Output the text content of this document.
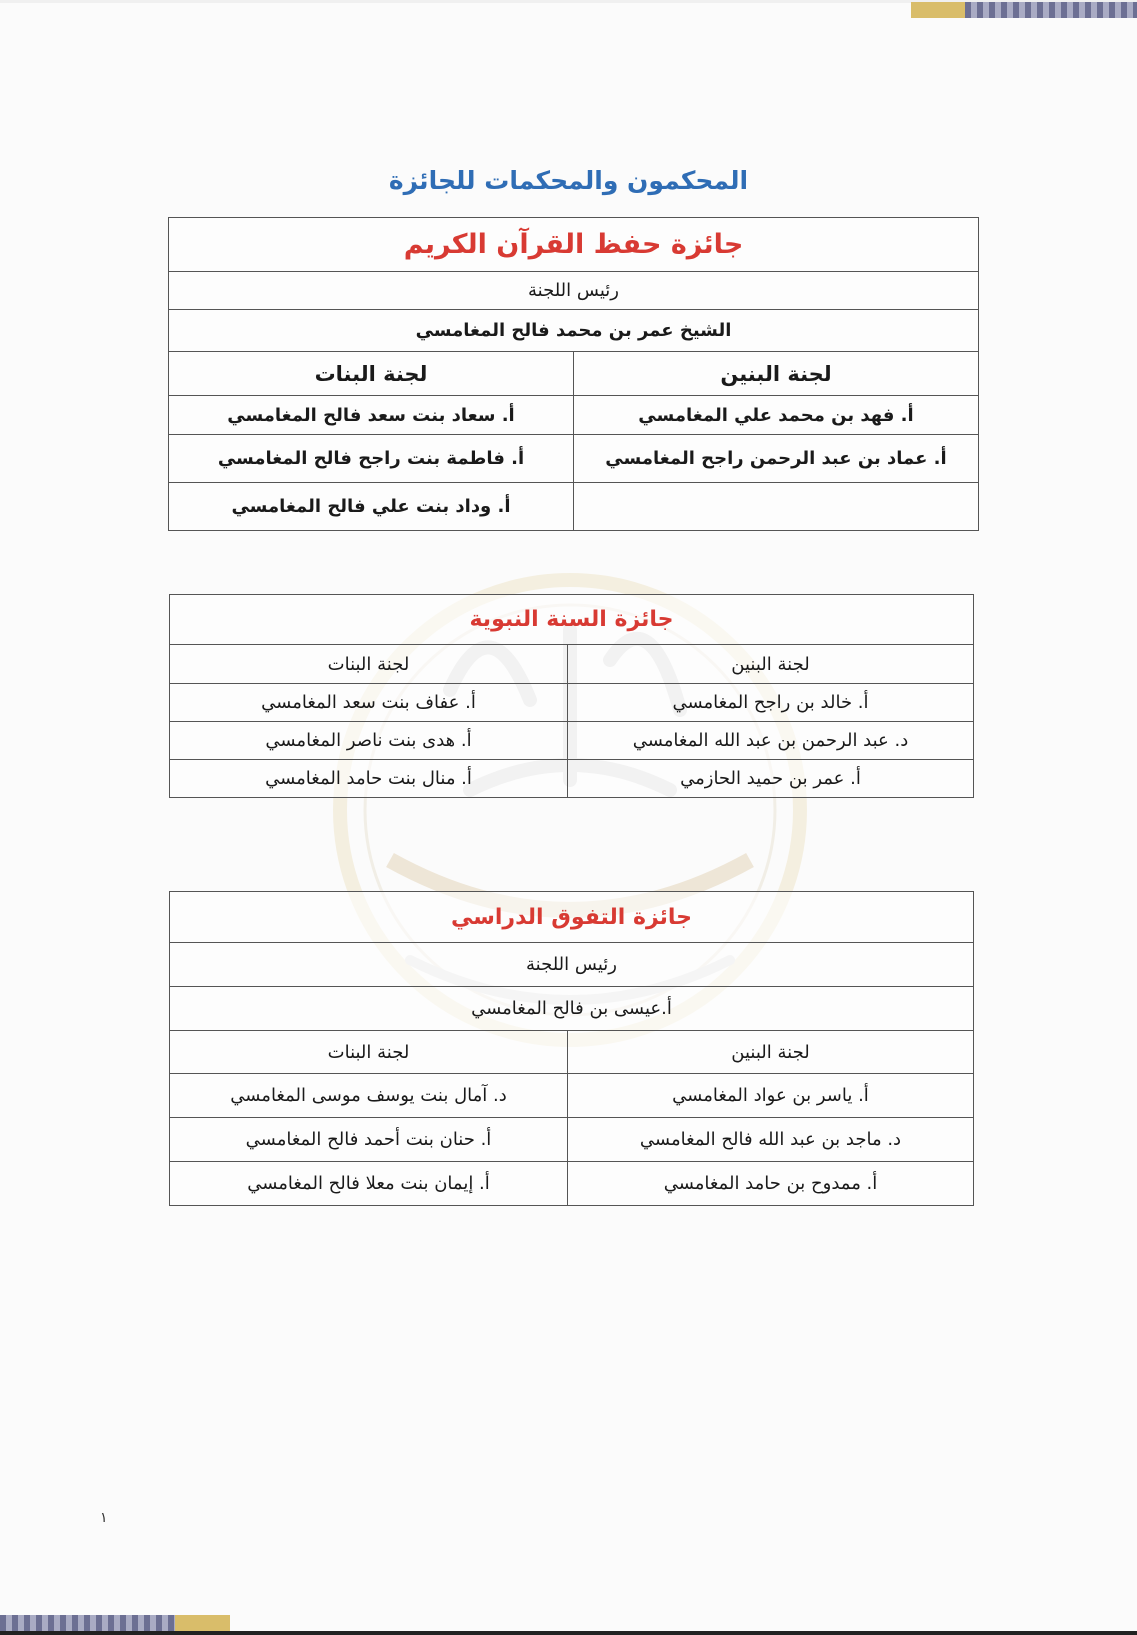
المحكمون والمحكمات للجائزة
جائزة حفظ القرآن الكريم	
رئيس اللجنة	
الشيخ عمر بن محمد فالح المغامسي	
لجنة البنين	لجنة البنات
أ. فهد بن محمد علي المغامسي	أ. سعاد بنت سعد فالح المغامسي
أ. عماد بن عبد الرحمن راجح المغامسي	أ. فاطمة بنت راجح فالح المغامسي
	أ. وداد بنت علي فالح المغامسي
جائزة السنة النبوية	
لجنة البنين	لجنة البنات
أ. خالد بن راجح المغامسي	أ. عفاف بنت سعد المغامسي
د. عبد الرحمن بن عبد الله المغامسي	أ. هدى بنت ناصر المغامسي
أ. عمر بن حميد الحازمي	أ. منال بنت حامد المغامسي
جائزة التفوق الدراسي	
رئيس اللجنة	
أ.عيسى بن فالح المغامسي	
لجنة البنين	لجنة البنات
أ. ياسر بن عواد المغامسي	د. آمال بنت يوسف موسى المغامسي
د. ماجد بن عبد الله فالح المغامسي	أ. حنان بنت أحمد فالح المغامسي
أ. ممدوح بن حامد المغامسي	أ. إيمان بنت معلا فالح المغامسي
١
